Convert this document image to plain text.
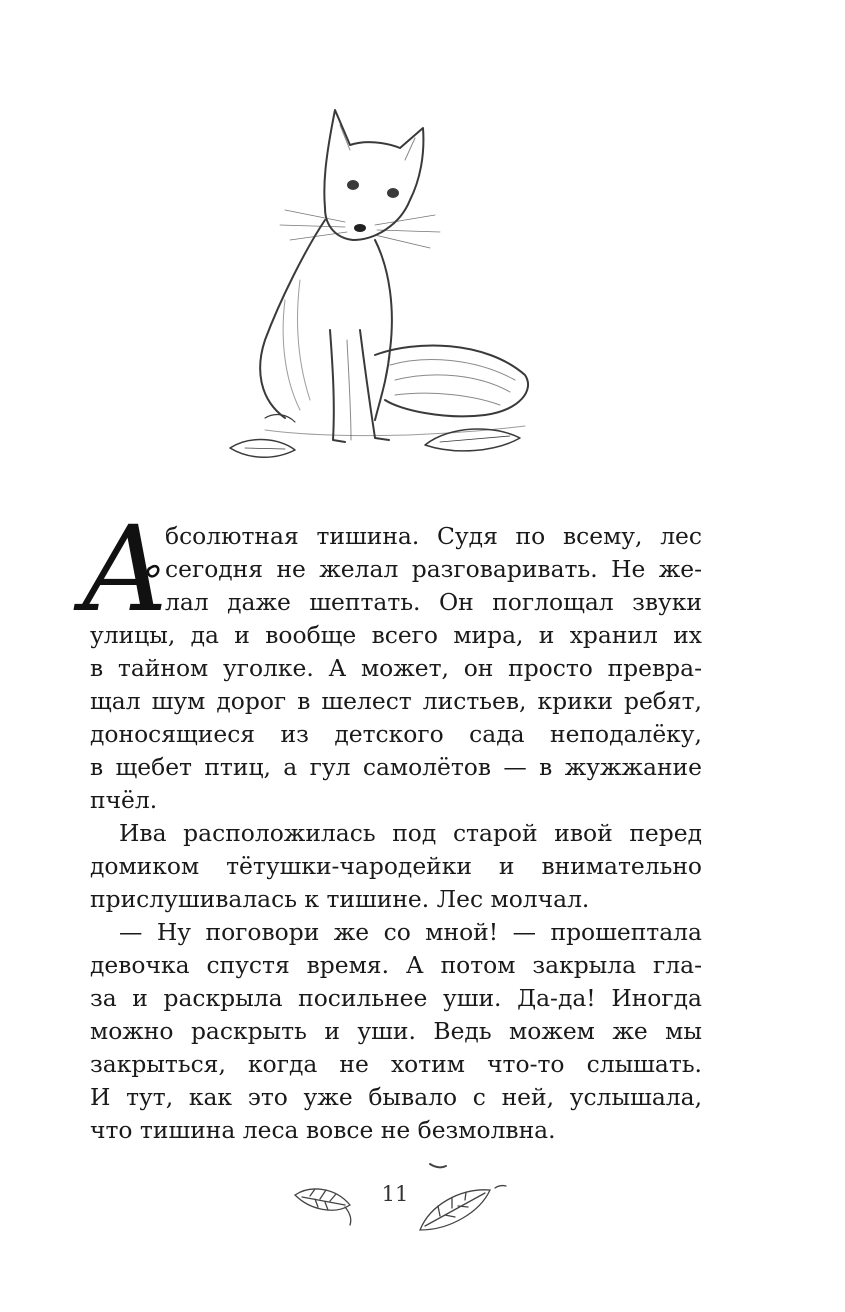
А
бсолютная тишина. Судя по всему, лес
сегодня не желал разговаривать. Не же-
лал даже шептать. Он поглощал звуки
улицы, да и вообще всего мира, и хранил их
в тайном уголке. А может, он просто превра-
щал шум дорог в шелест листьев, крики ребят,
доносящиеся из детского сада неподалёку,
в щебет птиц, а гул самолётов — в жужжание
пчёл.
Ива расположилась под старой ивой перед
домиком тётушки-чародейки и внимательно
прислушивалась к тишине. Лес молчал.
— Ну поговори же со мной! — прошептала
девочка спустя время. А потом закрыла гла-
за и раскрыла посильнее уши. Да-да! Иногда
можно раскрыть и уши. Ведь можем же мы
закрыться, когда не хотим что-то слышать.
И тут, как это уже бывало с ней, услышала,
что тишина леса вовсе не безмолвна.
11
